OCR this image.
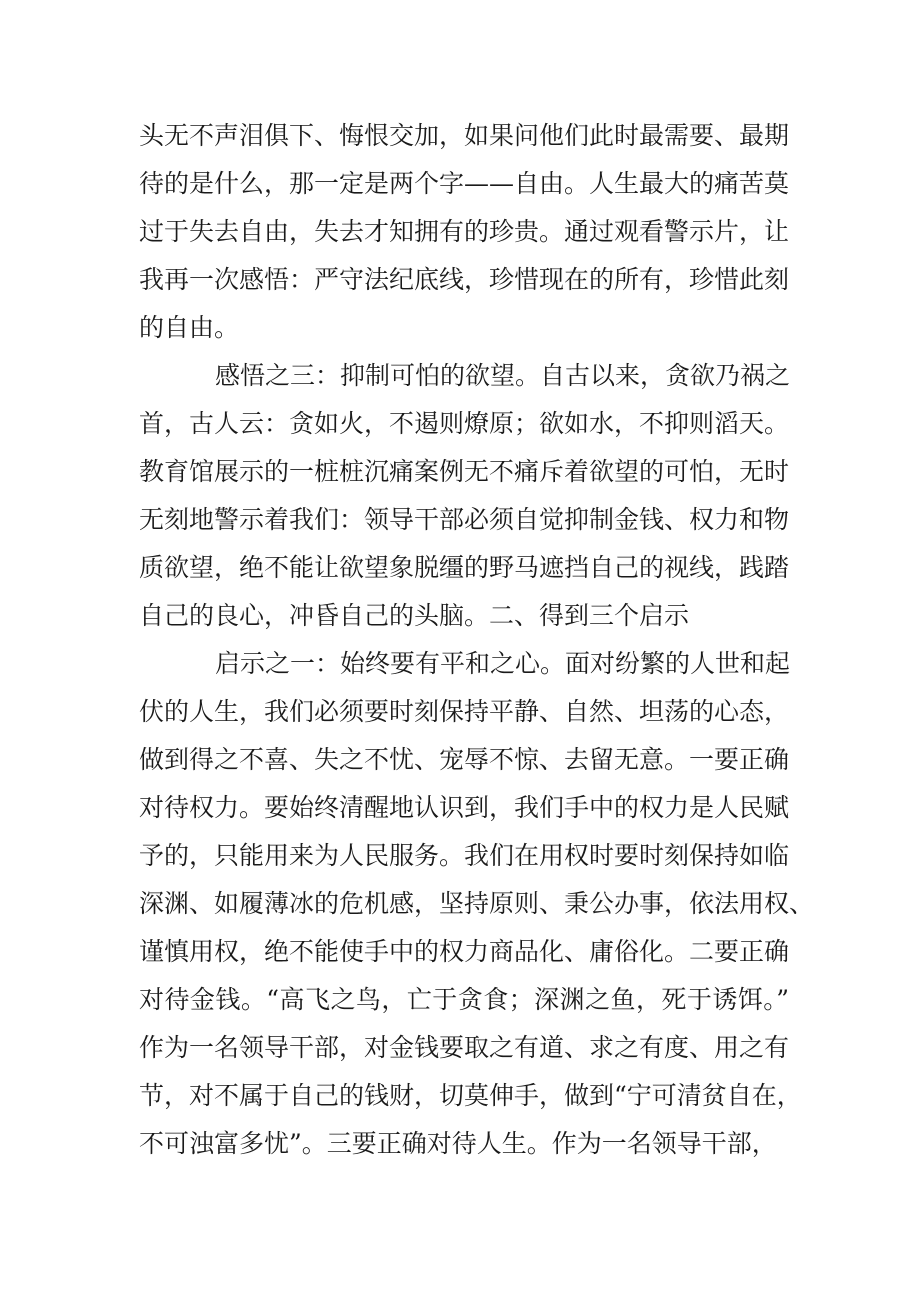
头无不声泪俱下、悔恨交加，如果问他们此时最需要、最期
待的是什么，那一定是两个字——自由。人生最大的痛苦莫
过于失去自由，失去才知拥有的珍贵。通过观看警示片，让
我再一次感悟：严守法纪底线，珍惜现在的所有，珍惜此刻
的自由。
感悟之三：抑制可怕的欲望。自古以来，贪欲乃祸之
首，古人云：贪如火，不遏则燎原；欲如水，不抑则滔天。
教育馆展示的一桩桩沉痛案例无不痛斥着欲望的可怕，无时
无刻地警示着我们：领导干部必须自觉抑制金钱、权力和物
质欲望，绝不能让欲望象脱缰的野马遮挡自己的视线，践踏
自己的良心，冲昏自己的头脑。二、得到三个启示
启示之一：始终要有平和之心。面对纷繁的人世和起
伏的人生，我们必须要时刻保持平静、自然、坦荡的心态，
做到得之不喜、失之不忧、宠辱不惊、去留无意。一要正确
对待权力。要始终清醒地认识到，我们手中的权力是人民赋
予的，只能用来为人民服务。我们在用权时要时刻保持如临
深渊、如履薄冰的危机感，坚持原则、秉公办事，依法用权、
谨慎用权，绝不能使手中的权力商品化、庸俗化。二要正确
对待金钱。“高飞之鸟，亡于贪食；深渊之鱼，死于诱饵。”
作为一名领导干部，对金钱要取之有道、求之有度、用之有
节，对不属于自己的钱财，切莫伸手，做到“宁可清贫自在，
不可浊富多忧”。三要正确对待人生。作为一名领导干部，
